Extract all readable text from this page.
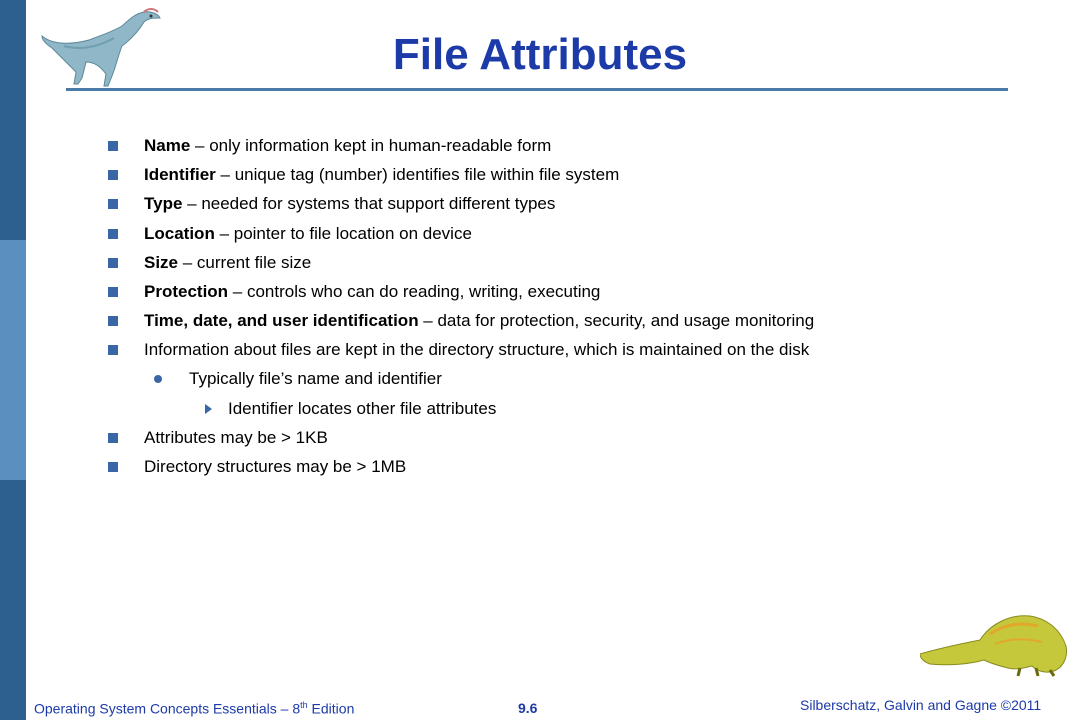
File Attributes
Name – only information kept in human-readable form
Identifier – unique tag (number) identifies file within file system
Type – needed for systems that support different types
Location – pointer to file location on device
Size – current file size
Protection – controls who can do reading, writing, executing
Time, date, and user identification – data for protection, security, and usage monitoring
Information about files are kept in the directory structure, which is maintained on the disk
Typically file’s name and identifier
Identifier locates other file attributes
Attributes may be > 1KB
Directory structures may be > 1MB
Operating System Concepts Essentials – 8th Edition	9.6	Silberschatz, Galvin and Gagne ©2011
